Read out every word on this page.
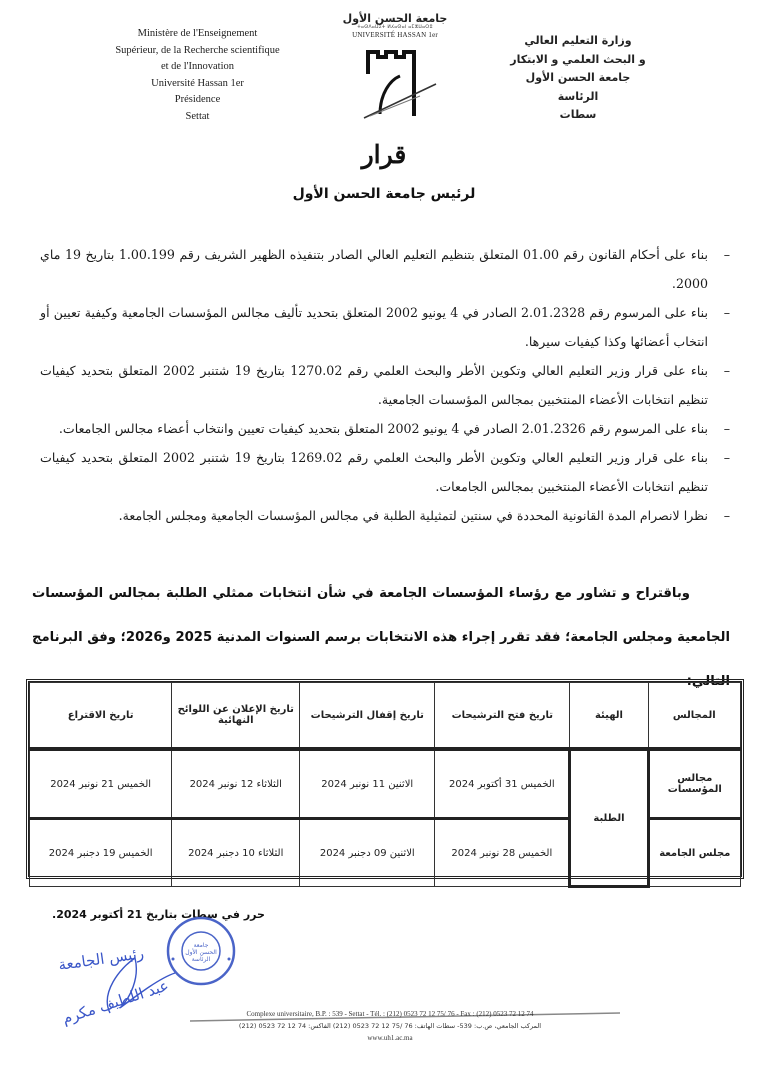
Ministère de l'Enseignement
Supérieur, de la Recherche scientifique
et de l'Innovation
Université Hassan 1er
Présidence
Settat
جامعة الحسن الأول
ⵜⴰⵙⴷⴰⵡⵉⵜ ⵍⵃⴰⵙⴰⵏ ⴰⵎⵣⵡⴰⵔⵓ
UNIVERSITÉ HASSAN 1er	وزارة التعليم العالي
و البحث العلمي و الابتكار
جامعة الحسن الأول
الرئاسة
سطات
قرار
لرئيس جامعة الحسن الأول
–
بناء على أحكام القانون رقم 01.00 المتعلق بتنظيم التعليم العالي الصادر بتنفيذه الظهير الشريف رقم 1.00.199 بتاريخ 19 ماي 2000.
–
بناء على المرسوم رقم 2.01.2328 الصادر في 4 يونيو 2002 المتعلق بتحديد تأليف مجالس المؤسسات الجامعية وكيفية تعيين أو انتخاب أعضائها وكذا كيفيات سيرها.
–
بناء على قرار وزير التعليم العالي وتكوين الأطر والبحث العلمي رقم 1270.02 بتاريخ 19 شتنبر 2002 المتعلق بتحديد كيفيات تنظيم انتخابات الأعضاء المنتخبين بمجالس المؤسسات الجامعية.
–
بناء على المرسوم رقم 2.01.2326 الصادر في 4 يونيو 2002 المتعلق بتحديد كيفيات تعيين وانتخاب أعضاء مجالس الجامعات.
–
بناء على قرار وزير التعليم العالي وتكوين الأطر والبحث العلمي رقم 1269.02 بتاريخ 19 شتنبر 2002 المتعلق بتحديد كيفيات تنظيم انتخابات الأعضاء المنتخبين بمجالس الجامعات.
–
نظرا لانصرام المدة القانونية المحددة في سنتين لتمثيلية الطلبة في مجالس المؤسسات الجامعية ومجلس الجامعة.
وباقتراح و تشاور مع رؤساء المؤسسات الجامعة في شأن انتخابات ممثلي الطلبة بمجالس المؤسسات الجامعية ومجلس الجامعة؛ فقد تقرر إجراء هذه الانتخابات برسم السنوات المدنية 2025 و2026؛ وفق البرنامج التالي:
المجالس	الهيئة	تاريخ فتح الترشيحات	تاريخ إقفال الترشيحات	تاريخ الإعلان عن اللوائح النهائية	تاريخ الاقتراع
مجالس المؤسسات	الطلبة	الخميس 31 أكتوبر 2024	الاثنين 11 نونبر 2024	الثلاثاء 12 نونبر 2024	الخميس 21 نونبر 2024
مجلس الجامعة		الخميس 28 نونبر 2024	الاثنين 09 دجنبر 2024	الثلاثاء 10 دجنبر 2024	الخميس 19 دجنبر 2024
حرر في سطات بتاريخ 21 أكتوبر 2024.
جامعة
الحسن الأول
الرئاسة
رئيس الجامعة
عبد اللطيف مكرم	Complexe universitaire, B.P. : 539 - Settat - Tél. : (212) 0523 72 12 75/ 76 - Fax : (212) 0523 72 12 74
المركب الجامعي، ص.ب: 539- سطات الهاتف: 76 /75 12 72 0523 (212) الفاكس: 74 12 72 0523 (212)
www.uh1.ac.ma
